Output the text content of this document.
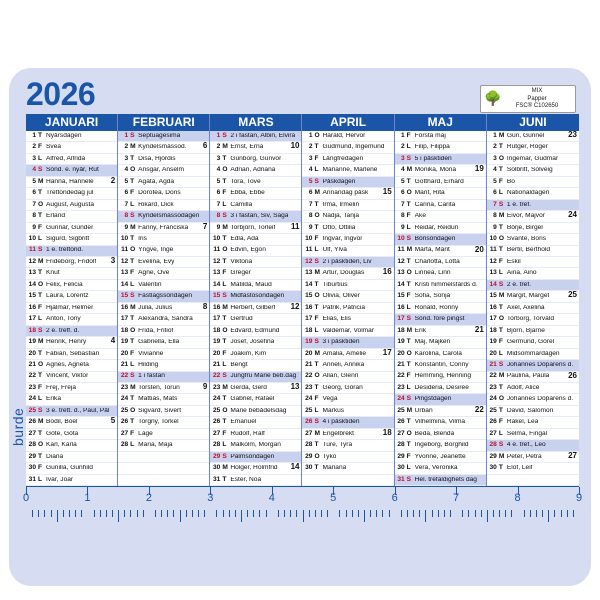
2026	🌳	MIX
Papper
FSC® C102650
JANUARI
1 T Nyårsdagen
2 F Svea
3 L Alfred, Alfrida
4 S Sönd. e. nyår, Rut
5 M Hanna, Hannele 2
6 T Trettondedag jul
7 O August, Augusta
8 T Erland
9 F Gunnar, Gunder
10 L Sigurd, Sigbritt
11 S 1 e. trettond.
12 M Frideborg, Fridolf 3
13 T Knut
14 O Felix, Felicia
15 T Laura, Lorentz
16 F Hjalmar, Helmer
17 L Anton, Tony
18 S 2 e. treff. d.
19 M Henrik, Henry	4
20 T Fabian, Sebastian
21 O Agnes, Agneta
22 T Vincent, Viktor
23 F Frej, Freja
24 L Erika
25 S 3 e. trett. d., Paul, Pål
26 M Bodil, Boel	5
27 T Göte, Göta
28 O Karl, Karla
29 T Diana
30 F Gunilla, Gunhild
31 L Ivar, Joar
FEBRUARI
1 S Septuagesima
2 M Kyndelsmässod. 6
3 T Disa, Hjördis
4 O Ansgar, Anselm
5 T Agata, Agda
6 F Dorotea, Doris
7 L Rikard, Dick
8 S Kyndelsmässodagen
9 M Fanny, Franciska 7
10 T Iris
11 O Yngve, Inge
12 T Evelina, Evy
13 F Agne, Ove
14 L Valentin
15 S Fastlagssöndagen
16 M Julia, Julius	8
17 T Alexandra, Sandra
18 O Frida, Fritiof
19 T Gabriella, Ella
20 F Vivianne
21 L Hilding
22 S 1 i fastan
23 M Torsten, Torun	9
24 T Mattias, Mats
25 O Sigvard, Sivert
26 T Torgny, Torkel
27 F Lage
28 L Maria, Maja
MARS
1 S 2 i fastan, Albin, Elvira
2 M Ernst, Erna	10
3 T Gunborg, Gunvor
4 O Adrian, Adriana
5 T Tora, Tove
6 F Ebba, Ebbe
7 L Camilla
8 S 3 i fastan, Siv, Saga
9 M Torbjörn, Torleif 11
10 T Edla, Ada
11 O Edvin, Egon
12 T Viktoria
13 F Greger
14 L Matilda, Maud
15 S Midfastosöndagen
16 M Herbert, Gilbert 12
17 T Gertrud
18 O Edvard, Edmund
19 T Josef, Josefina
20 F Joakim, Kim
21 L Bengt
22 S Jungfru Marie beb.dag
23 M Gerda, Gerd	13
24 T Gabriel, Rafael
25 O Marie bebådelsdag
26 T Emanuel
27 F Rudolf, Ralf
28 L Malkolm, Morgan
29 S Palmsöndagen
30 M Holger, Holmfrid 14
31 T Ester, Noa
APRIL
1 O Harald, Hervor
2 T Gudmund, Ingemund
3 F Långfredagen
4 L Marianne, Marlene
5 S Påskdagen
6 M Annandag påsk 15
7 T Irma, Irmelin
8 O Nadja, Tanja
9 T Otto, Ottilia
10 F Ingvar, Ingvor
11 L Ulf, Ylva
12 S 2 i påsktiden, Liv
13 M Artur, Douglas 16
14 T Tiburtius
15 O Olivia, Oliver
16 T Patrik, Patricia
17 F Elias, Elis
18 L Valdemar, Volmar
19 S 3 i påsktiden
20 M Amalia, Amelie 17
21 T Anneli, Annika
22 O Allan, Glenn
23 T Georg, Göran
24 F Vega
25 L Markus
26 S 4 i påsktiden
27 M Engelbrekt	18
28 T Ture, Tyra
29 O Tyko
30 T Mariana
MAJ
1 F Första maj
2 L Filip, Filippa
3 S 5 i påsktiden
4 M Monika, Mona 19
5 T Gotthard, Erhard
6 O Marit, Rita
7 T Carina, Carita
8 F Åke
9 L Reidar, Reidun
10 S Bönsöndagen
11 M Märta, Märit	20
12 T Charlotta, Lotta
13 O Linnea, Linn
14 T Kristi himmelsfärds d.
15 F Sofia, Sonja
16 L Ronald, Ronny
17 S Sönd. före pingst
18 M Erik	21
19 T Maj, Majken
20 O Karolina, Carola
21 T Konstantin, Conny
22 F Hemming, Henning
23 L Desideria, Desirée
24 S Pingstdagen
25 M Urban	22
26 T Vilhelmina, Vilma
27 O Beda, Blenda
28 T Ingeborg, Borghild
29 F Yvonne, Jeanette
30 L Vera, Veronika
31 S Hel. trefaldighets dag
JUNI
1 M Gun, Gunnel	23
2 T Rutger, Roger
3 O Ingemar, Gudmar
4 T Solbritt, Solveig
5 F Bo
6 L Nationaldagen
7 S 1 e. tref.
8 M Eivor, Majvor	24
9 T Börje, Birger
10 O Svante, Boris
11 T Bertil, Berthold
12 F Eskil
13 L Aina, Aino
14 S 2 e. tref.
15 M Margit, Marget 25
16 T Axel, Axelina
17 O Torborg, Torvald
18 T Björn, Bjarne
19 F Germund, Görel
20 L Midsommardagen
21 S Johannes Döparens d.
22 M Paulina, Paula 26
23 T Adolf, Alice
24 O Johannes Döparens d.
25 T David, Salomon
26 F Rakel, Lea
27 L Selma, Fingal
28 S 4 e. tref., Leo
29 M Peter, Petra	27
30 T Elof, Leif
0	1	2	3	4	5	6	7	8	9
burde
